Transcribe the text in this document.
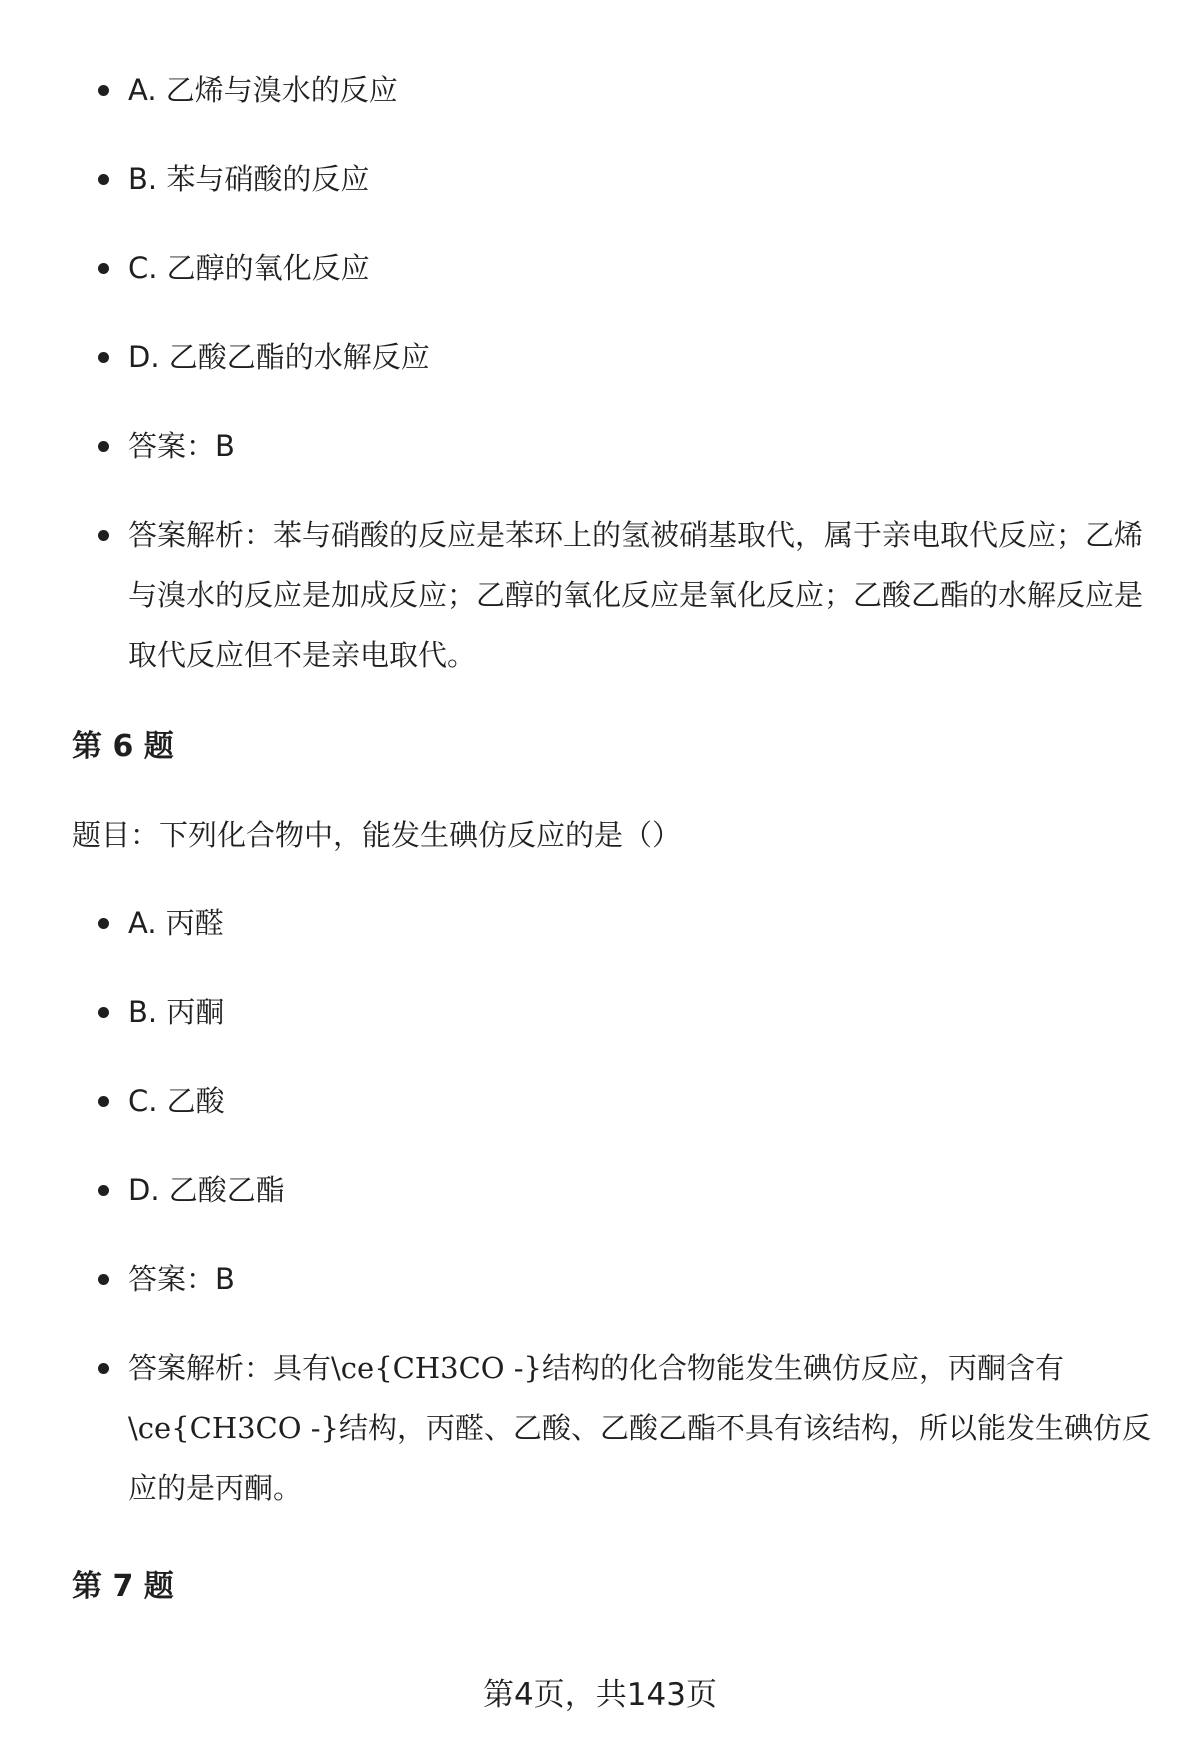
A. 乙烯与溴水的反应
B. 苯与硝酸的反应
C. 乙醇的氧化反应
D. 乙酸乙酯的水解反应
答案：B
答案解析：苯与硝酸的反应是苯环上的氢被硝基取代，属于亲电取代反应；乙烯与溴水的反应是加成反应；乙醇的氧化反应是氧化反应；乙酸乙酯的水解反应是取代反应但不是亲电取代。
第 6 题
题目：下列化合物中，能发生碘仿反应的是（）
A. 丙醛
B. 丙酮
C. 乙酸
D. 乙酸乙酯
答案：B
答案解析：具有\ce{CH3CO -}结构的化合物能发生碘仿反应，丙酮含有\ce{CH3CO -}结构，丙醛、乙酸、乙酸乙酯不具有该结构，所以能发生碘仿反应的是丙酮。
第 7 题
第4页，共143页
